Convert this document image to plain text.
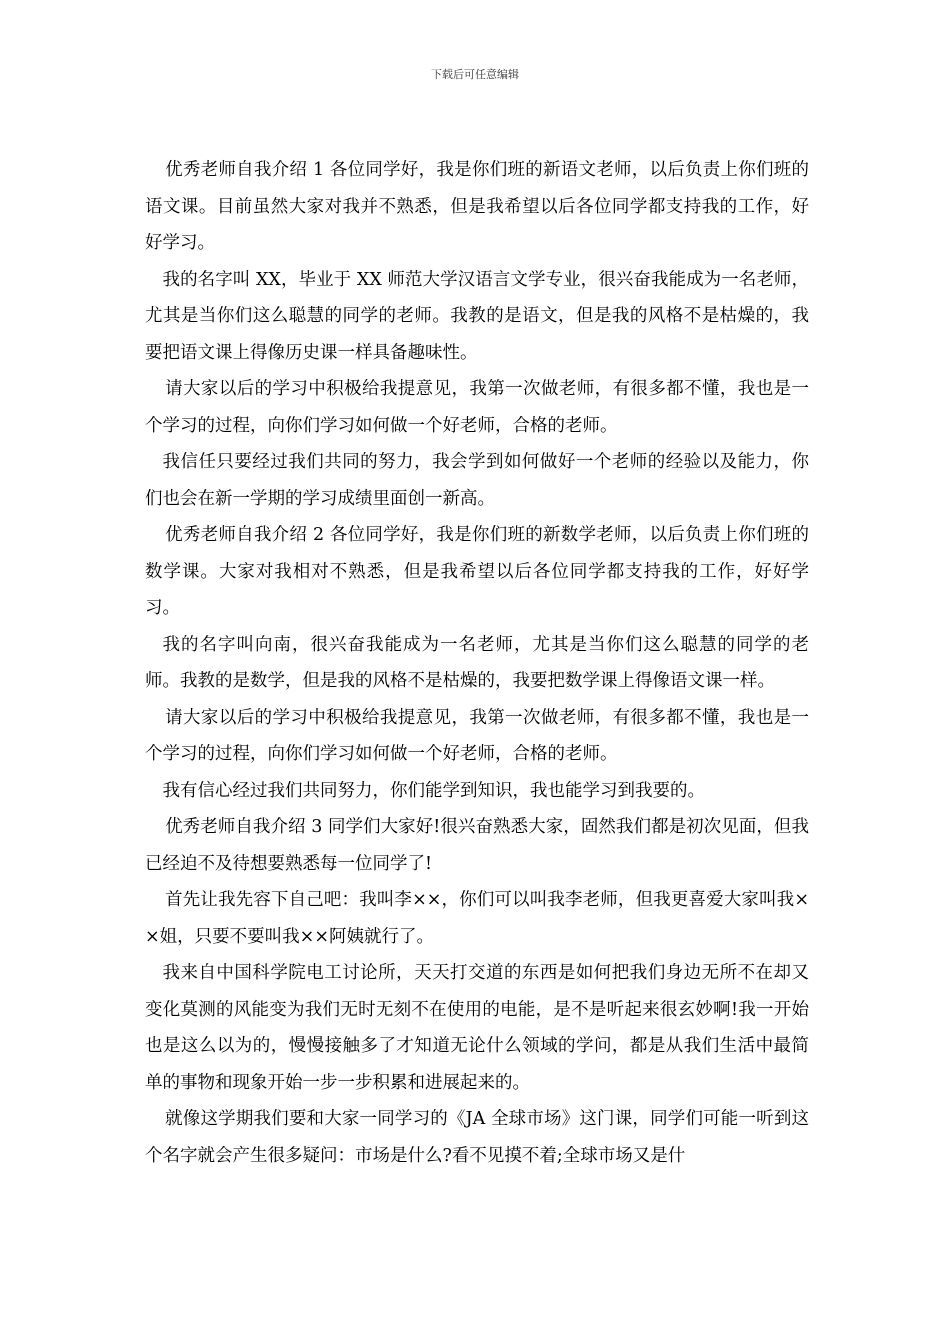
下载后可任意编辑

优秀老师自我介绍 1 各位同学好，我是你们班的新语文老师，以后负责上你们班的语文课。目前虽然大家对我并不熟悉，但是我希望以后各位同学都支持我的工作，好好学习。

我的名字叫 XX，毕业于 XX 师范大学汉语言文学专业，很兴奋我能成为一名老师，尤其是当你们这么聪慧的同学的老师。我教的是语文，但是我的风格不是枯燥的，我要把语文课上得像历史课一样具备趣味性。

请大家以后的学习中积极给我提意见，我第一次做老师，有很多都不懂，我也是一个学习的过程，向你们学习如何做一个好老师，合格的老师。

我信任只要经过我们共同的努力，我会学到如何做好一个老师的经验以及能力，你们也会在新一学期的学习成绩里面创一新高。

优秀老师自我介绍 2 各位同学好，我是你们班的新数学老师，以后负责上你们班的数学课。大家对我相对不熟悉，但是我希望以后各位同学都支持我的工作，好好学习。

我的名字叫向南，很兴奋我能成为一名老师，尤其是当你们这么聪慧的同学的老师。我教的是数学，但是我的风格不是枯燥的，我要把数学课上得像语文课一样。

请大家以后的学习中积极给我提意见，我第一次做老师，有很多都不懂，我也是一个学习的过程，向你们学习如何做一个好老师，合格的老师。

我有信心经过我们共同努力，你们能学到知识，我也能学习到我要的。

优秀老师自我介绍 3 同学们大家好!很兴奋熟悉大家，固然我们都是初次见面，但我已经迫不及待想要熟悉每一位同学了!

首先让我先容下自己吧：我叫李××，你们可以叫我李老师，但我更喜爱大家叫我××姐，只要不要叫我××阿姨就行了。

我来自中国科学院电工讨论所，天天打交道的东西是如何把我们身边无所不在却又变化莫测的风能变为我们无时无刻不在使用的电能，是不是听起来很玄妙啊!我一开始也是这么以为的，慢慢接触多了才知道无论什么领域的学问，都是从我们生活中最简单的事物和现象开始一步一步积累和进展起来的。

就像这学期我们要和大家一同学习的《JA 全球市场》这门课，同学们可能一听到这个名字就会产生很多疑问：市场是什么?看不见摸不着;全球市场又是什
